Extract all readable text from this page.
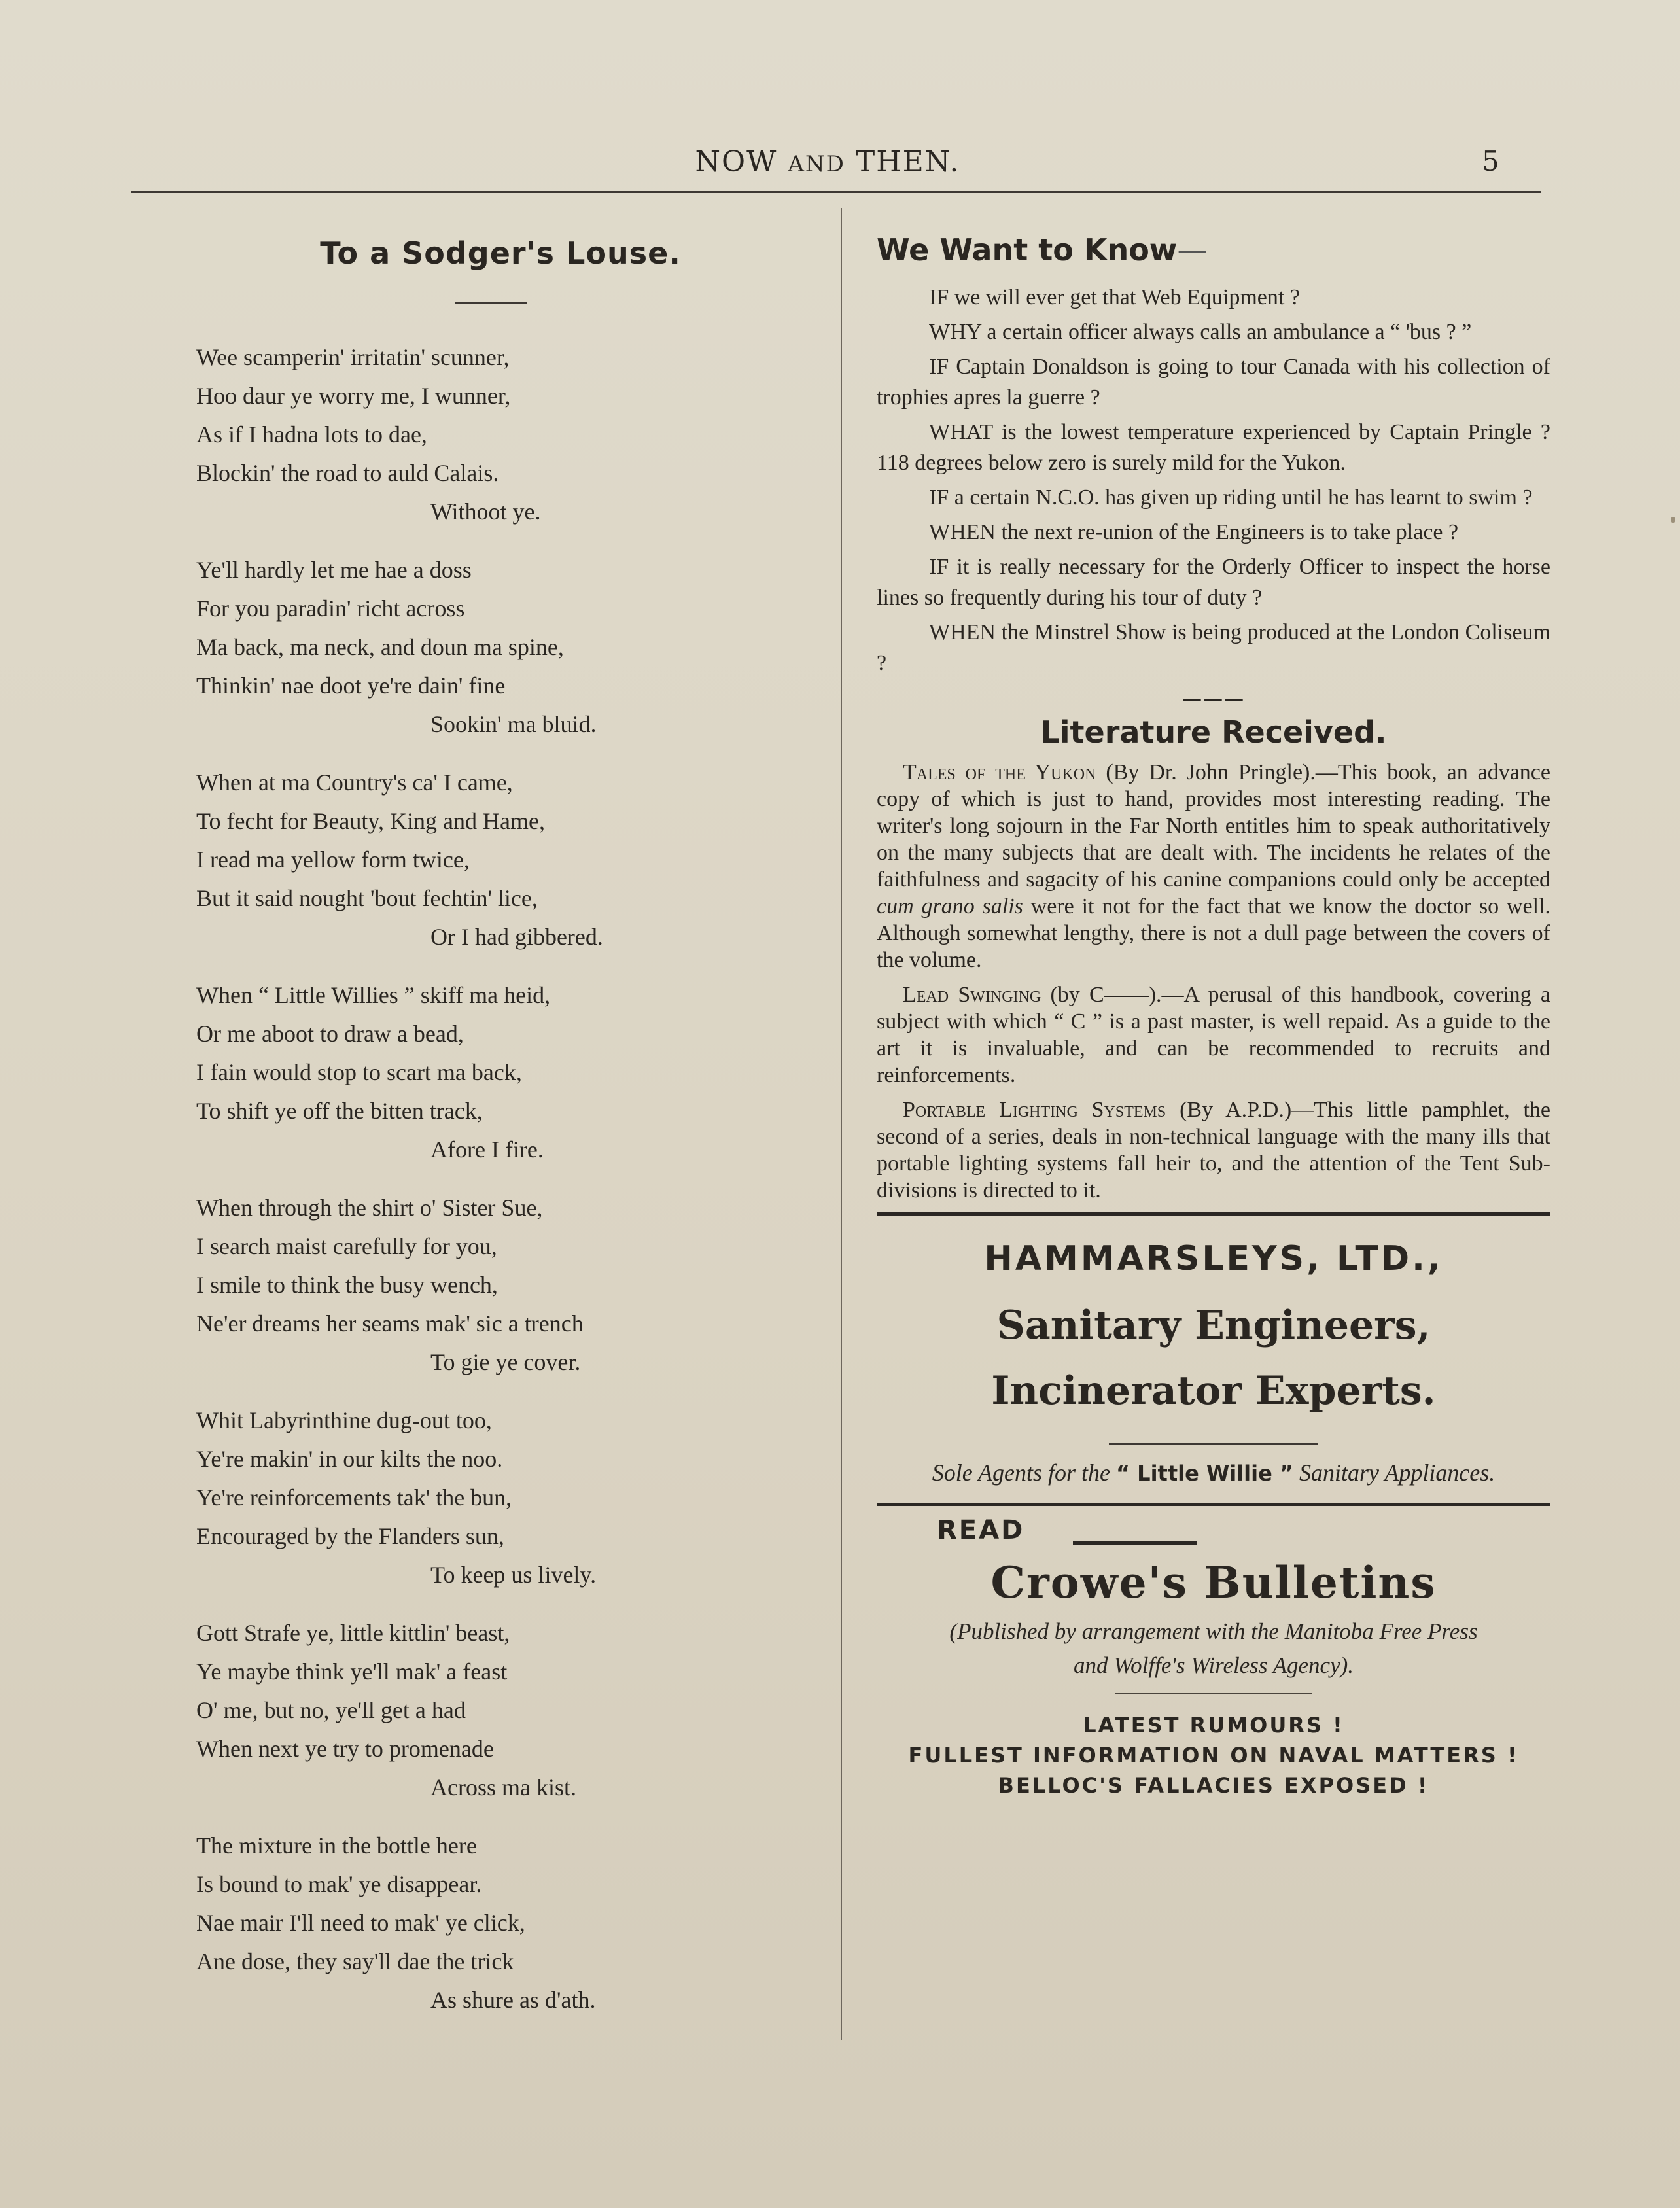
NOW AND THEN.	5
To a Sodger's Louse.
Wee scamperin' irritatin' scunner,
Hoo daur ye worry me, I wunner,
As if I hadna lots to dae,
Blockin' the road to auld Calais.
Withoot ye.
Ye'll hardly let me hae a doss
For you paradin' richt across
Ma back, ma neck, and doun ma spine,
Thinkin' nae doot ye're dain' fine
Sookin' ma bluid.
When at ma Country's ca' I came,
To fecht for Beauty, King and Hame,
I read ma yellow form twice,
But it said nought 'bout fechtin' lice,
Or I had gibbered.
When “ Little Willies ” skiff ma heid,
Or me aboot to draw a bead,
I fain would stop to scart ma back,
To shift ye off the bitten track,
Afore I fire.
When through the shirt o' Sister Sue,
I search maist carefully for you,
I smile to think the busy wench,
Ne'er dreams her seams mak' sic a trench
To gie ye cover.
Whit Labyrinthine dug-out too,
Ye're makin' in our kilts the noo.
Ye're reinforcements tak' the bun,
Encouraged by the Flanders sun,
To keep us lively.
Gott Strafe ye, little kittlin' beast,
Ye maybe think ye'll mak' a feast
O' me, but no, ye'll get a had
When next ye try to promenade
Across ma kist.
The mixture in the bottle here
Is bound to mak' ye disappear.
Nae mair I'll need to mak' ye click,
Ane dose, they say'll dae the trick
As shure as d'ath.
We Want to Know—
IF we will ever get that Web Equipment ?
WHY a certain officer always calls an ambulance a “ 'bus ? ”
IF Captain Donaldson is going to tour Canada with his collection of trophies apres la guerre ?
WHAT is the lowest temperature experienced by Captain Pringle ? 118 degrees below zero is surely mild for the Yukon.
IF a certain N.C.O. has given up riding until he has learnt to swim ?
WHEN the next re-union of the Engineers is to take place ?
IF it is really necessary for the Orderly Officer to inspect the horse lines so frequently during his tour of duty ?
WHEN the Minstrel Show is being produced at the London Coliseum ?
———
Literature Received.
Tales of the Yukon (By Dr. John Pringle).—This book, an advance copy of which is just to hand, provides most interesting reading. The writer's long sojourn in the Far North entitles him to speak authoritatively on the many subjects that are dealt with. The incidents he relates of the faithfulness and sagacity of his canine companions could only be accepted cum grano salis were it not for the fact that we know the doctor so well. Although somewhat lengthy, there is not a dull page between the covers of the volume.
Lead Swinging (by C——).—A perusal of this handbook, covering a subject with which “ C ” is a past master, is well repaid. As a guide to the art it is invaluable, and can be recommended to recruits and reinforcements.
Portable Lighting Systems (By A.P.D.)—This little pamphlet, the second of a series, deals in non-technical language with the many ills that portable lighting systems fall heir to, and the attention of the Tent Sub-divisions is directed to it.
HAMMARSLEYS, LTD.,
Sanitary Engineers,
Incinerator Experts.
Sole Agents for the “ Little Willie ” Sanitary Appliances.
READ
Crowe's Bulletins
(Published by arrangement with the Manitoba Free Press
and Wolffe's Wireless Agency).
LATEST RUMOURS !
FULLEST INFORMATION ON NAVAL MATTERS !
BELLOC'S FALLACIES EXPOSED !
